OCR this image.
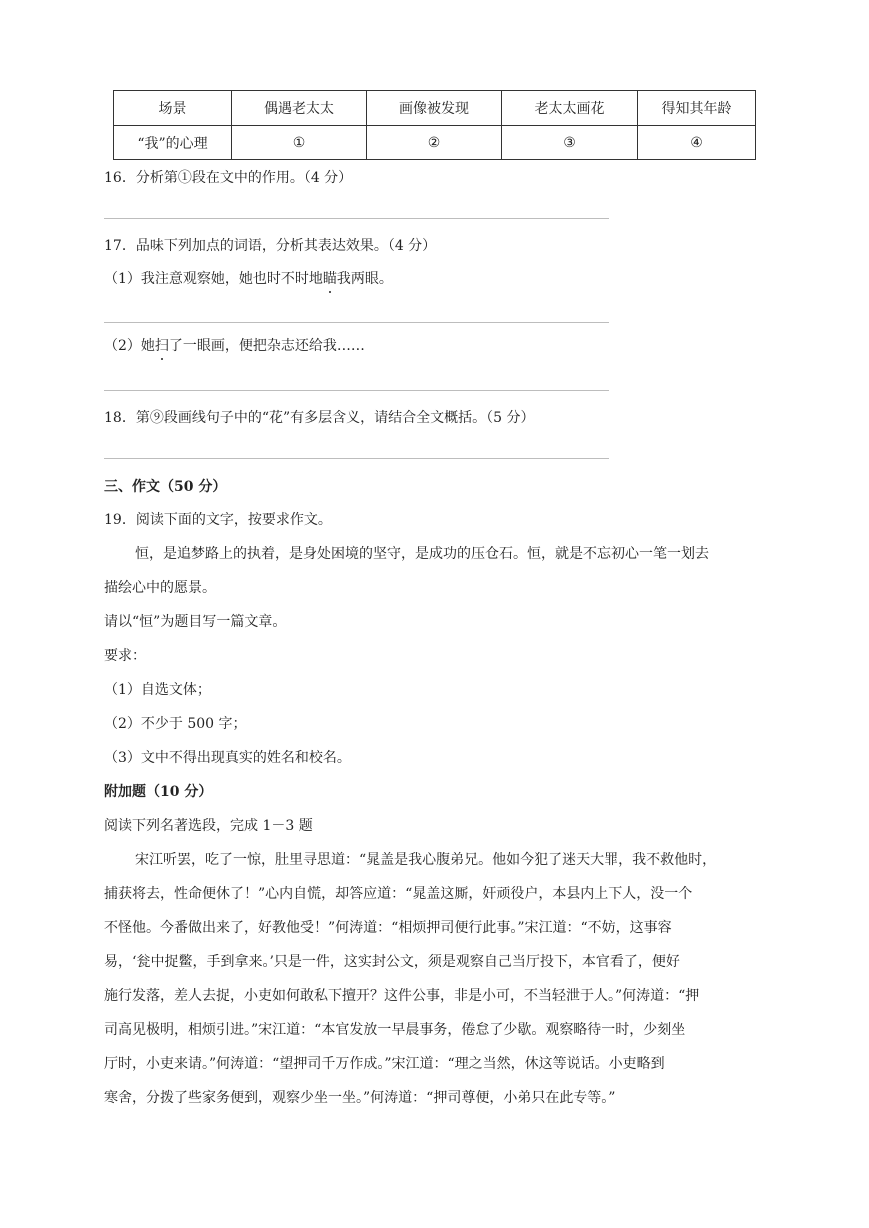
场景	偶遇老太太	画像被发现	老太太画花	得知其年龄
“我”的心理	①	②	③	④
16．分析第①段在文中的作用。（4 分）
17．品味下列加点的词语，分析其表达效果。（4 分）
（1）我注意观察她，她也时不时地瞄我两眼。
（2）她扫了一眼画，便把杂志还给我……
18．第⑨段画线句子中的“花”有多层含义，请结合全文概括。（5 分）
三、作文（50 分）
19．阅读下面的文字，按要求作文。
恒，是追梦路上的执着，是身处困境的坚守，是成功的压仓石。恒，就是不忘初心一笔一划去
描绘心中的愿景。
请以“恒”为题目写一篇文章。
要求：
（1）自选文体；
（2）不少于 500 字；
（3）文中不得出现真实的姓名和校名。
附加题（10 分）
阅读下列名著选段，完成 1－3 题
宋江听罢，吃了一惊，肚里寻思道：“晁盖是我心腹弟兄。他如今犯了迷天大罪，我不救他时，
捕获将去，性命便休了！”心内自慌，却答应道：“晁盖这厮，奸顽役户，本县内上下人，没一个
不怪他。今番做出来了，好教他受！”何涛道：“相烦押司便行此事。”宋江道：“不妨，这事容
易，‘瓮中捉鳖，手到拿来。’只是一件，这实封公文，须是观察自己当厅投下，本官看了，便好
施行发落，差人去捉，小吏如何敢私下擅开？这件公事，非是小可，不当轻泄于人。”何涛道：“押
司高见极明，相烦引进。”宋江道：“本官发放一早晨事务，倦怠了少歇。观察略待一时，少刻坐
厅时，小吏来请。”何涛道：“望押司千万作成。”宋江道：“理之当然，休这等说话。小吏略到
寒舍，分拨了些家务便到，观察少坐一坐。”何涛道：“押司尊便，小弟只在此专等。”
